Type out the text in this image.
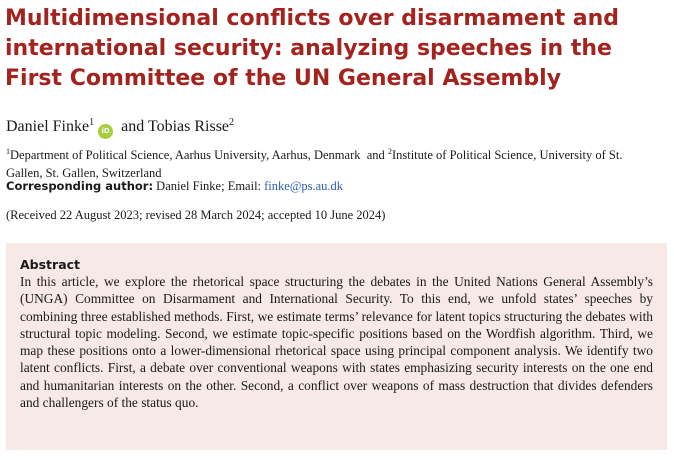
Multidimensional conflicts over disarmament and international security: analyzing speeches in the First Committee of the UN General Assembly
Daniel Finke$^1$iD and Tobias Risse$^2$
$^1$Department of Political Science, Aarhus University, Aarhus, Denmark  and $^2$Institute of Political Science, University of St. Gallen, St. Gallen, Switzerland
Corresponding author: Daniel Finke; Email: finke@ps.au.dk
(Received 22 August 2023; revised 28 March 2024; accepted 10 June 2024)

Abstract

In this article, we explore the rhetorical space structuring the debates in the United Nations General Assembly’s (UNGA) Committee on Disarmament and International Security. To this end, we unfold states’ speeches by combining three established methods. First, we estimate terms’ relevance for latent topics structuring the debates with structural topic modeling. Second, we estimate topic-specific positions based on the Wordfish algorithm. Third, we map these positions onto a lower-dimensional rhetorical space using principal component analysis. We identify two latent conflicts. First, a debate over conventional weapons with states emphasizing security interests on the one end and humanitarian interests on the other. Second, a conflict over weapons of mass destruction that divides defenders and challengers of the status quo.
